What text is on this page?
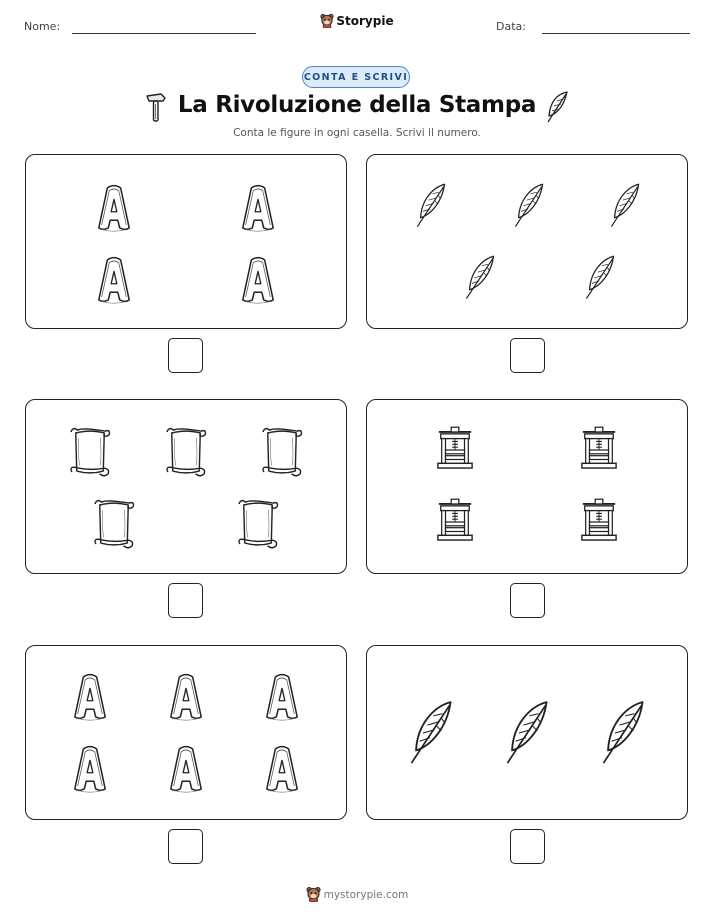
Nome:	Storypie	Data:
CONTA E SCRIVI
La Rivoluzione della Stampa
Conta le figure in ogni casella. Scrivi il numero.
mystorypie.com
